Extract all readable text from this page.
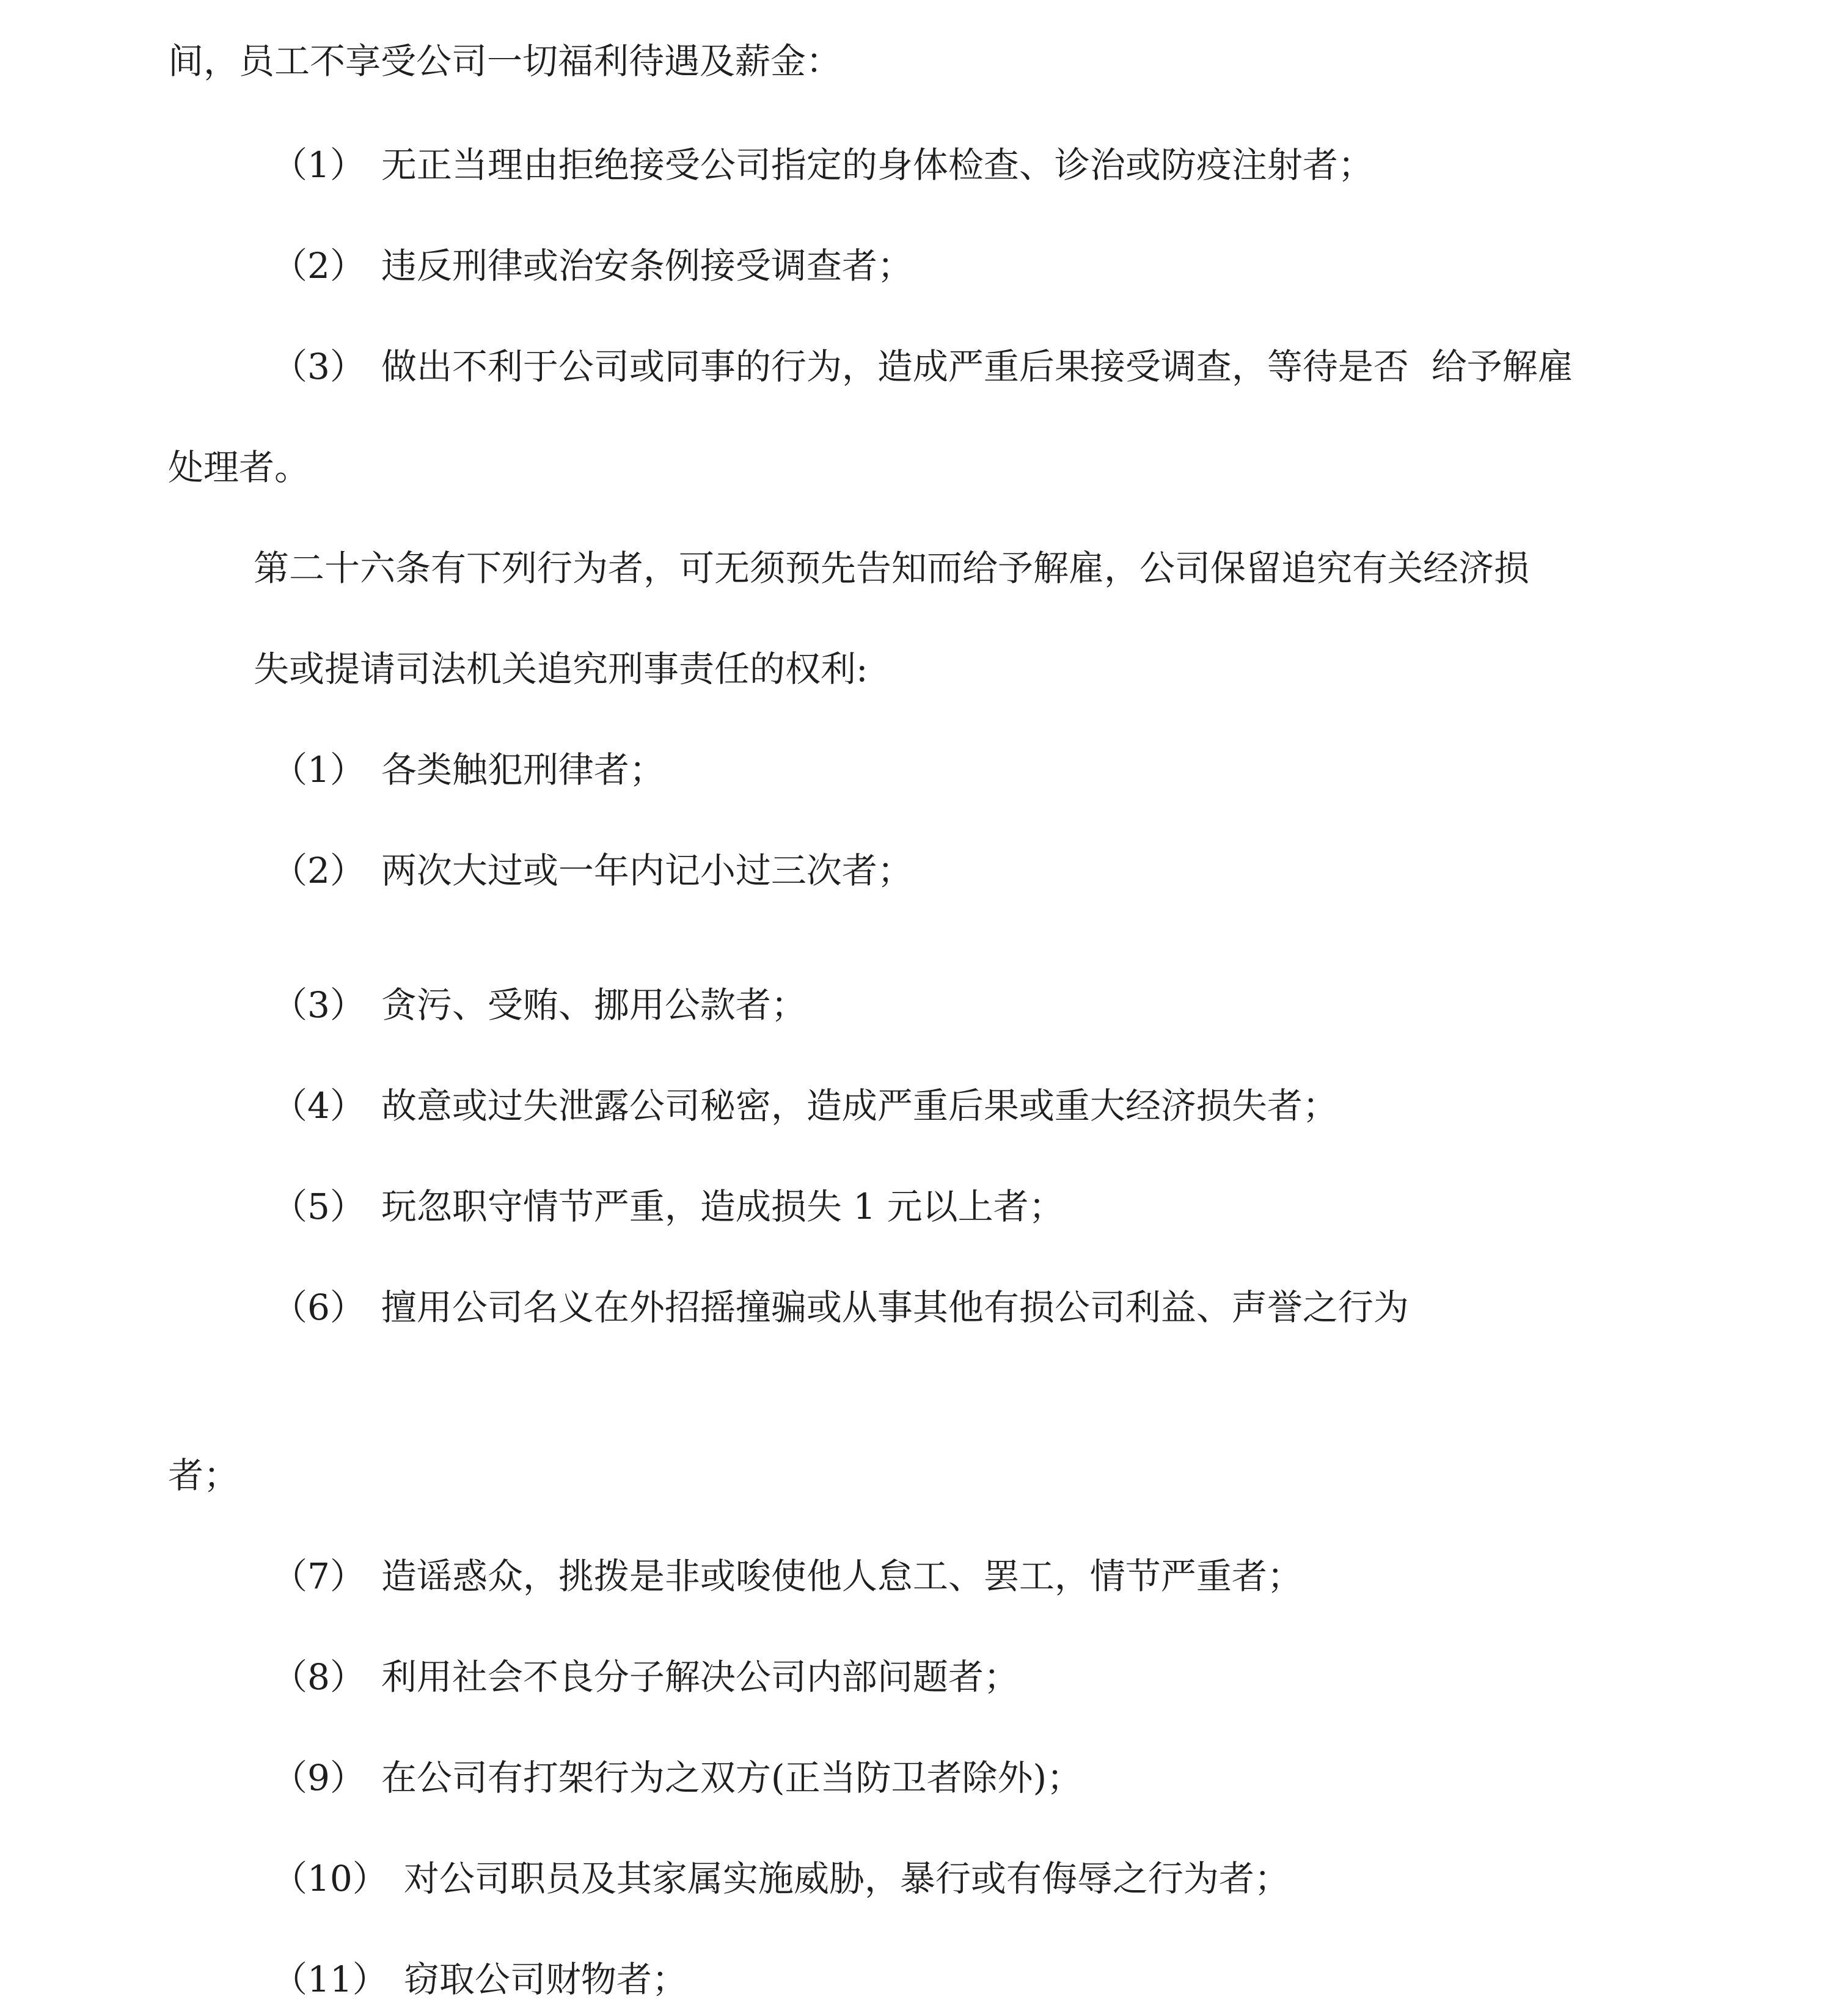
间，员工不享受公司一切福利待遇及薪金：

（1） 无正当理由拒绝接受公司指定的身体检查、诊治或防疫注射者；

（2） 违反刑律或治安条例接受调查者；

（3） 做出不利于公司或同事的行为，造成严重后果接受调查，等待是否  给予解雇

处理者。

第二十六条有下列行为者，可无须预先告知而给予解雇，公司保留追究有关经济损

失或提请司法机关追究刑事责任的权利:

（1） 各类触犯刑律者；

（2） 两次大过或一年内记小过三次者；

（3） 贪污、受贿、挪用公款者；

（4） 故意或过失泄露公司秘密，造成严重后果或重大经济损失者；

（5） 玩忽职守情节严重，造成损失 1 元以上者；

（6） 擅用公司名义在外招摇撞骗或从事其他有损公司利益、声誉之行为

者；

（7） 造谣惑众，挑拨是非或唆使他人怠工、罢工，情节严重者；

（8） 利用社会不良分子解决公司内部问题者；

（9） 在公司有打架行为之双方(正当防卫者除外)；

（10） 对公司职员及其家属实施威胁，暴行或有侮辱之行为者；

（11） 窃取公司财物者；
